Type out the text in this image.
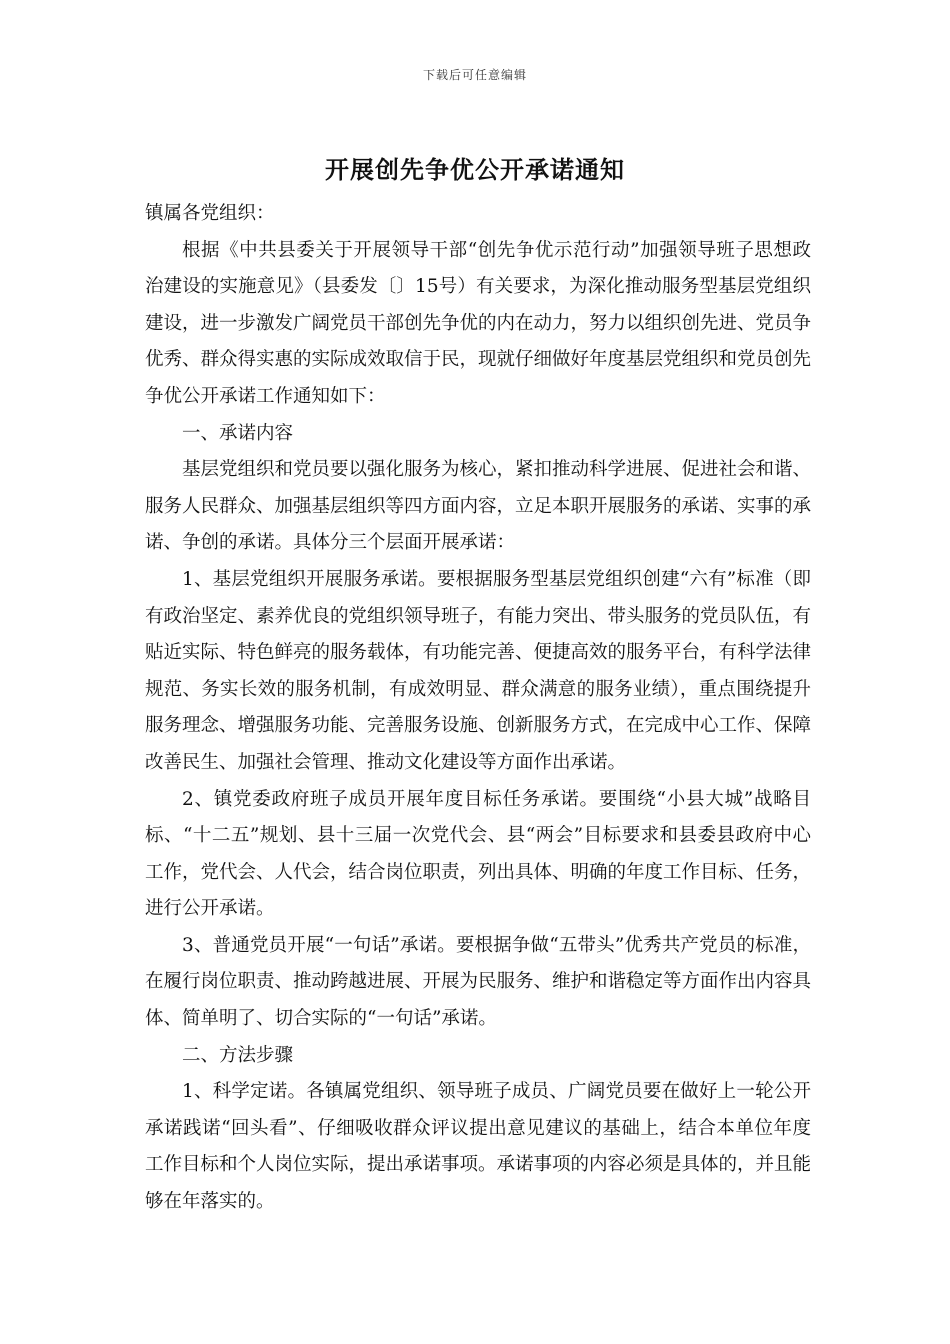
下载后可任意编辑
开展创先争优公开承诺通知

镇属各党组织：

根据《中共县委关于开展领导干部“创先争优示范行动”加强领导班子思想政治建设的实施意见》（县委发〔〕15号）有关要求，为深化推动服务型基层党组织建设，进一步激发广阔党员干部创先争优的内在动力，努力以组织创先进、党员争优秀、群众得实惠的实际成效取信于民，现就仔细做好年度基层党组织和党员创先争优公开承诺工作通知如下：

一、承诺内容

基层党组织和党员要以强化服务为核心，紧扣推动科学进展、促进社会和谐、服务人民群众、加强基层组织等四方面内容，立足本职开展服务的承诺、实事的承诺、争创的承诺。具体分三个层面开展承诺：

1、基层党组织开展服务承诺。要根据服务型基层党组织创建“六有”标准（即有政治坚定、素养优良的党组织领导班子，有能力突出、带头服务的党员队伍，有贴近实际、特色鲜亮的服务载体，有功能完善、便捷高效的服务平台，有科学法律规范、务实长效的服务机制，有成效明显、群众满意的服务业绩），重点围绕提升服务理念、增强服务功能、完善服务设施、创新服务方式，在完成中心工作、保障改善民生、加强社会管理、推动文化建设等方面作出承诺。

2、镇党委政府班子成员开展年度目标任务承诺。要围绕“小县大城”战略目标、“十二五”规划、县十三届一次党代会、县“两会”目标要求和县委县政府中心工作，党代会、人代会，结合岗位职责，列出具体、明确的年度工作目标、任务，进行公开承诺。

3、普通党员开展“一句话”承诺。要根据争做“五带头”优秀共产党员的标准，在履行岗位职责、推动跨越进展、开展为民服务、维护和谐稳定等方面作出内容具体、简单明了、切合实际的“一句话”承诺。

二、方法步骤

1、科学定诺。各镇属党组织、领导班子成员、广阔党员要在做好上一轮公开承诺践诺“回头看”、仔细吸收群众评议提出意见建议的基础上，结合本单位年度工作目标和个人岗位实际，提出承诺事项。承诺事项的内容必须是具体的，并且能够在年落实的。
